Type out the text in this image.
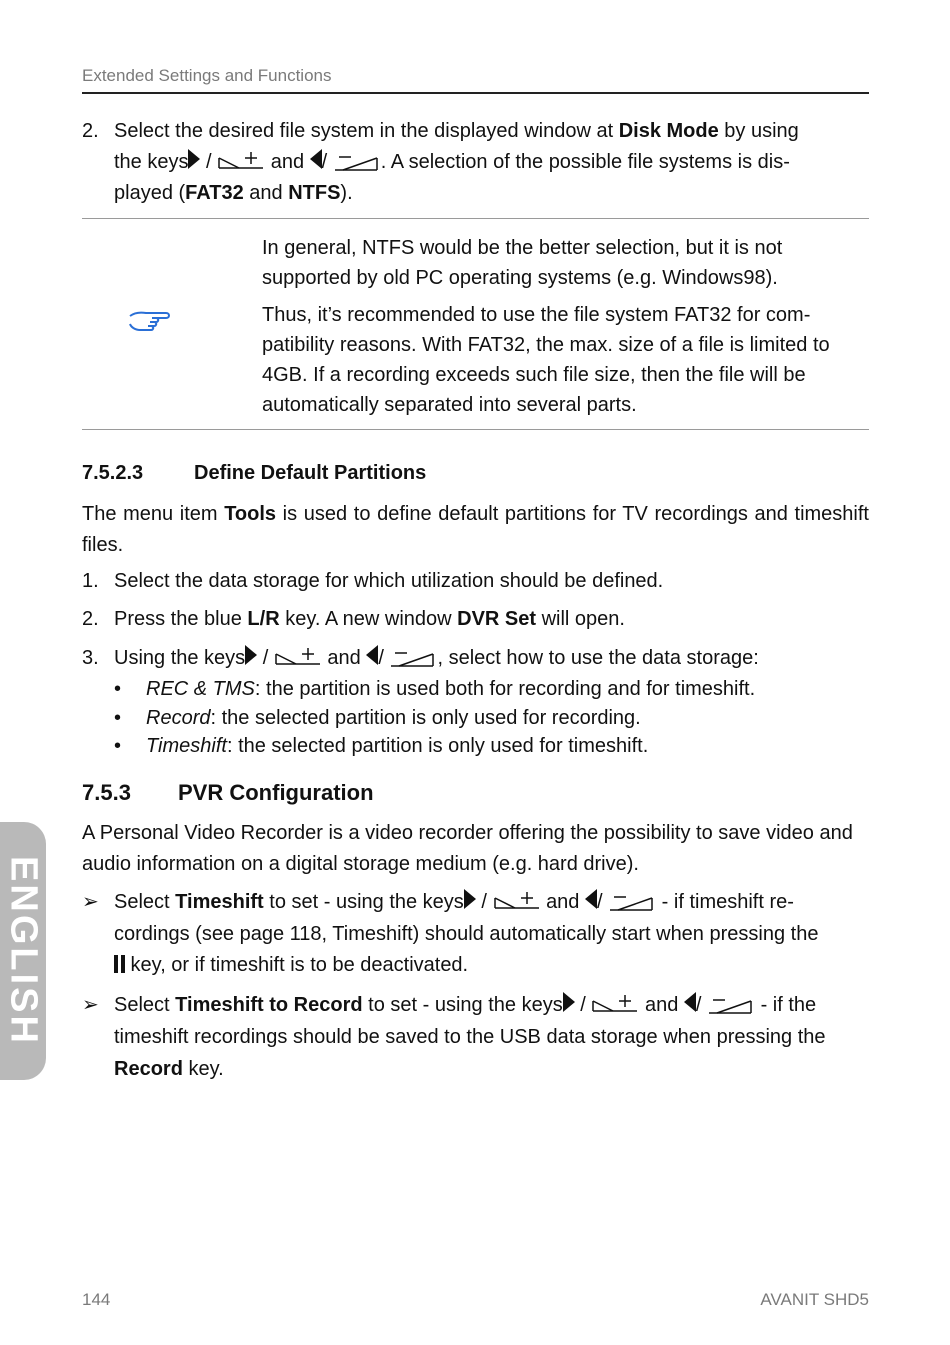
Extended Settings and Functions
2. Select the desired file system in the displayed window at Disk Mode by using
the keys /	and /	. A selection of the possible file systems is dis-
played (FAT32 and NTFS).
In general, NTFS would be the better selection, but it is not supported by old PC operating systems (e.g. Windows98).
Thus, it’s recommended to use the file system FAT32 for com-patibility reasons. With FAT32, the max. size of a file is limited to 4GB. If a recording exceeds such file size, then the file will be automatically separated into several parts.
7.5.2.3	Define Default Partitions
The menu item Tools is used to define default partitions for TV recordings and timeshift files.
1. Select the data storage for which utilization should be defined.
2. Press the blue L/R key. A new window DVR Set will open.
3. Using the keys /	and /	, select how to use the data storage:
•	REC & TMS: the partition is used both for recording and for timeshift.
•	Record: the selected partition is only used for recording.
•	Timeshift: the selected partition is only used for timeshift.
7.5.3 PVR Configuration
A Personal Video Recorder is a video recorder offering the possibility to save video and audio information on a digital storage medium (e.g. hard drive).
➢ Select Timeshift to set - using the keys /	and /	- if timeshift re-
cordings (see page 118, Timeshift) should automatically start when pressing the
key, or if timeshift is to be deactivated.
➢ Select Timeshift to Record to set - using the keys /	and /	- if the
timeshift recordings should be saved to the USB data storage when pressing the
Record key.
ENGLISH
144	AVANIT SHD5
